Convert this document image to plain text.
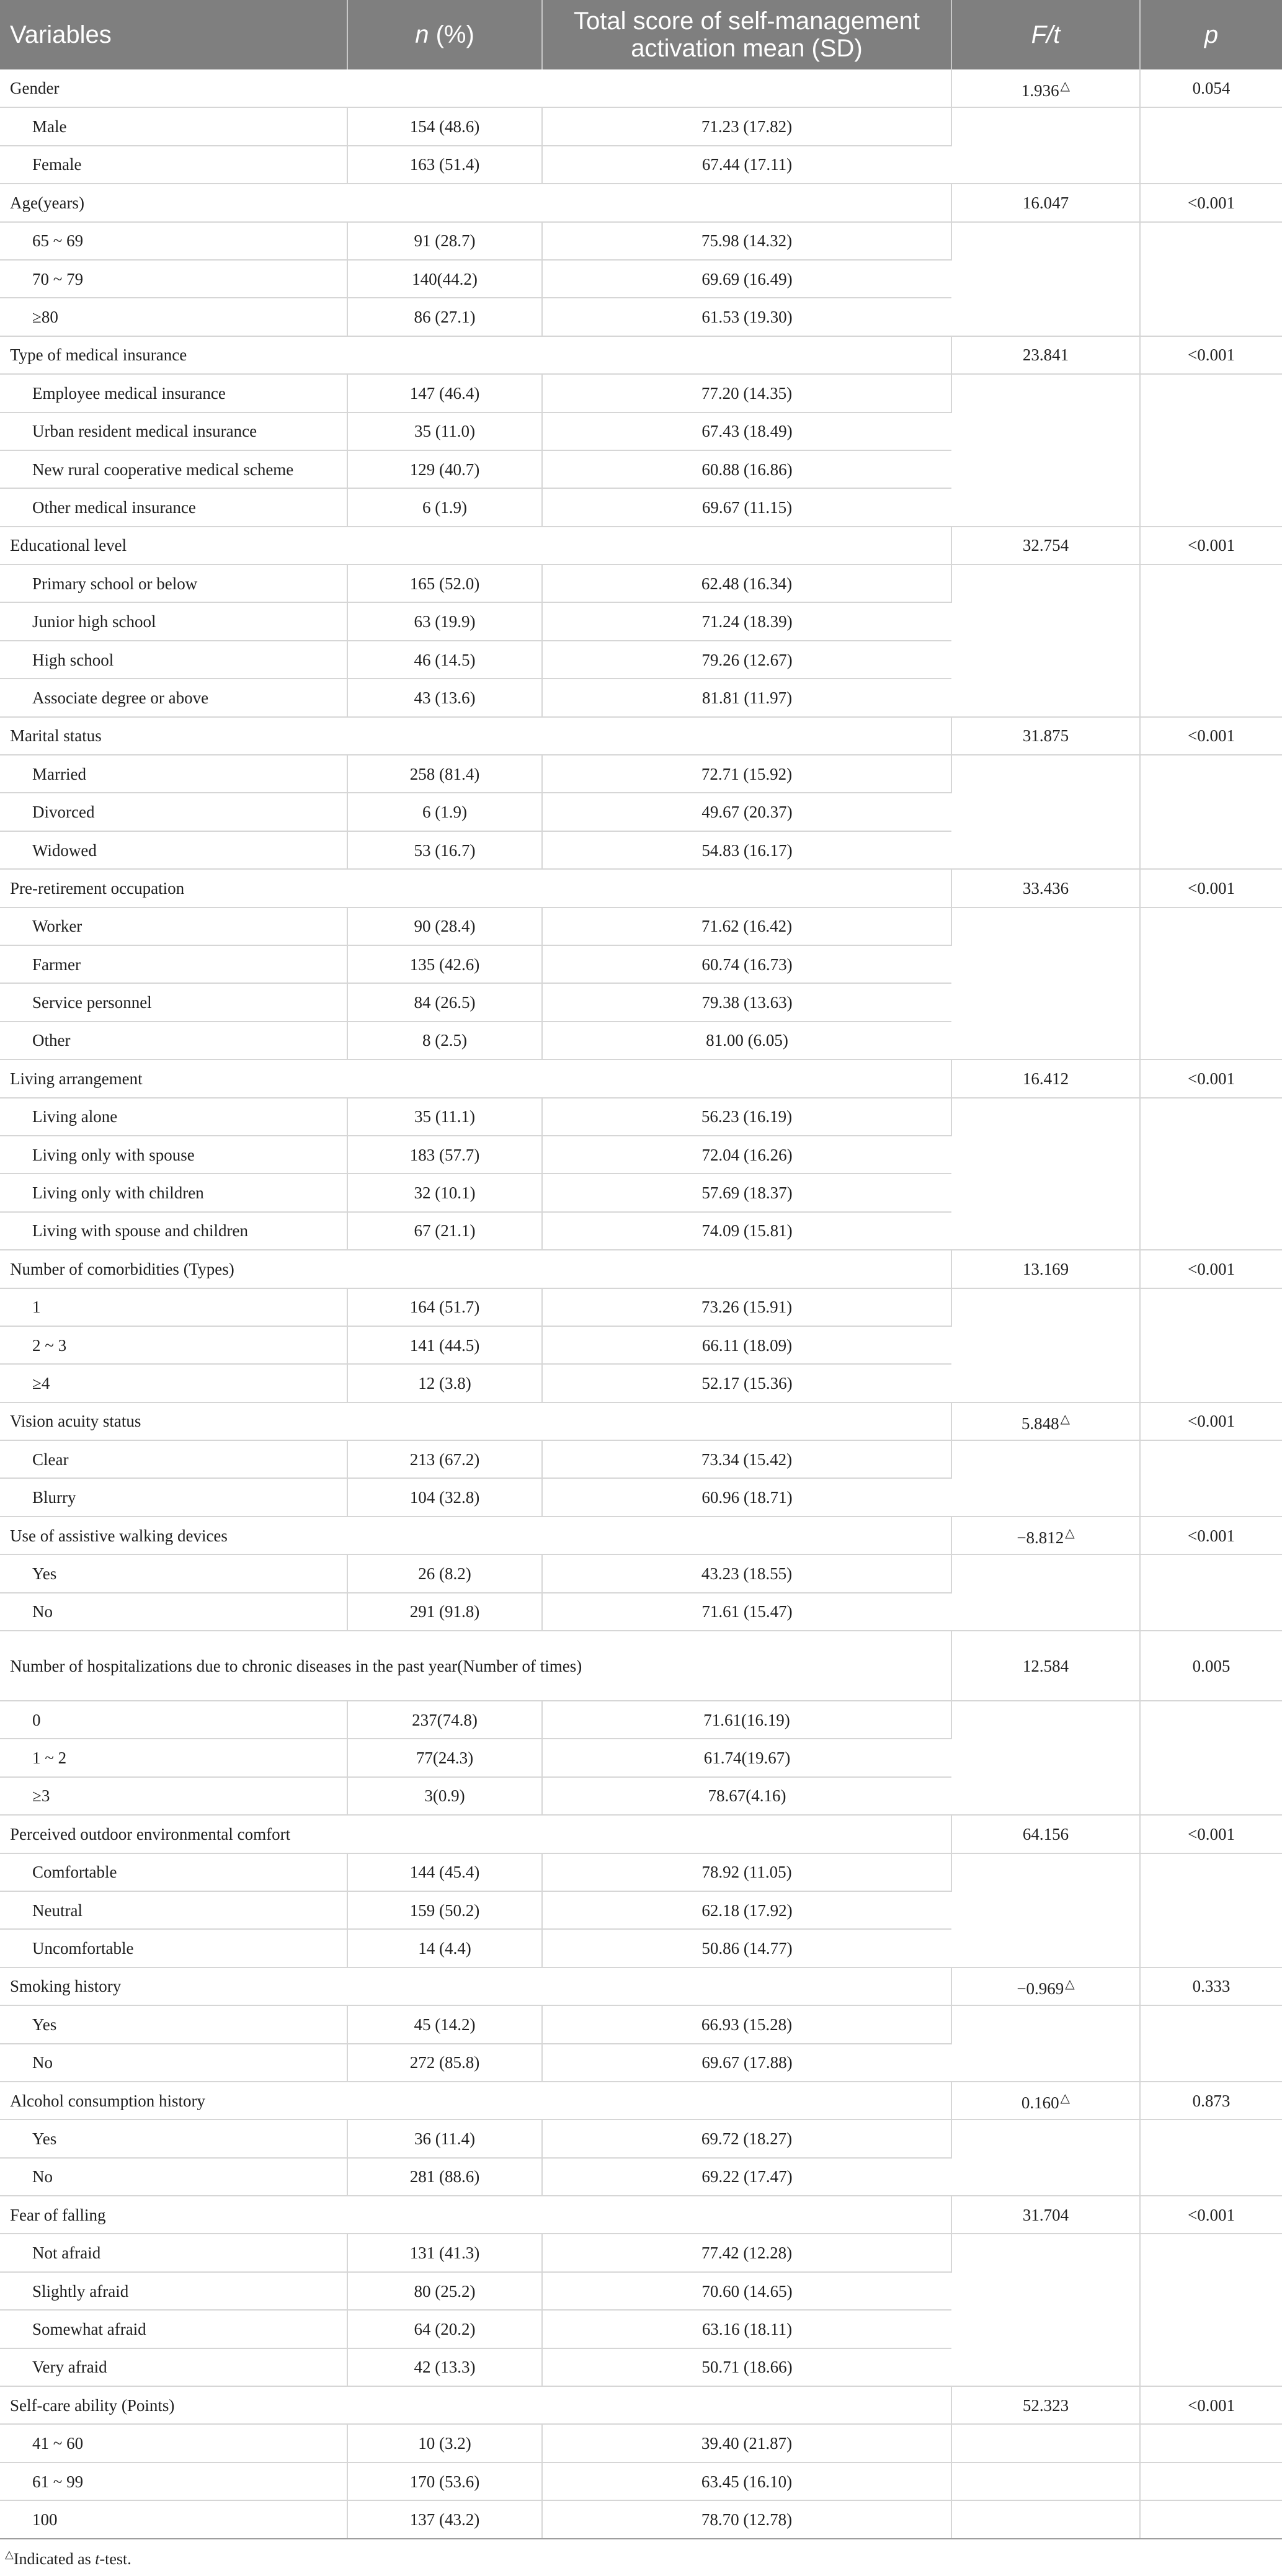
Variables	n (%)	Total score of self-management activation mean (SD)	F/t	p
Gender			1.936 △	0.054
Male	154 (48.6)	71.23 (17.82)		
Female	163 (51.4)	67.44 (17.11)		
Age(years)			16.047	<0.001
65 ~ 69	91 (28.7)	75.98 (14.32)		
70 ~ 79	140(44.2)	69.69 (16.49)		
≥80	86 (27.1)	61.53 (19.30)		
Type of medical insurance			23.841	<0.001
Employee medical insurance	147 (46.4)	77.20 (14.35)		
Urban resident medical insurance	35 (11.0)	67.43 (18.49)		
New rural cooperative medical scheme	129 (40.7)	60.88 (16.86)		
Other medical insurance	6 (1.9)	69.67 (11.15)		
Educational level			32.754	<0.001
Primary school or below	165 (52.0)	62.48 (16.34)		
Junior high school	63 (19.9)	71.24 (18.39)		
High school	46 (14.5)	79.26 (12.67)		
Associate degree or above	43 (13.6)	81.81 (11.97)		
Marital status			31.875	<0.001
Married	258 (81.4)	72.71 (15.92)		
Divorced	6 (1.9)	49.67 (20.37)		
Widowed	53 (16.7)	54.83 (16.17)		
Pre-retirement occupation			33.436	<0.001
Worker	90 (28.4)	71.62 (16.42)		
Farmer	135 (42.6)	60.74 (16.73)		
Service personnel	84 (26.5)	79.38 (13.63)		
Other	8 (2.5)	81.00 (6.05)		
Living arrangement			16.412	<0.001
Living alone	35 (11.1)	56.23 (16.19)		
Living only with spouse	183 (57.7)	72.04 (16.26)		
Living only with children	32 (10.1)	57.69 (18.37)		
Living with spouse and children	67 (21.1)	74.09 (15.81)		
Number of comorbidities (Types)			13.169	<0.001
1	164 (51.7)	73.26 (15.91)		
2 ~ 3	141 (44.5)	66.11 (18.09)		
≥4	12 (3.8)	52.17 (15.36)		
Vision acuity status			5.848 △	<0.001
Clear	213 (67.2)	73.34 (15.42)		
Blurry	104 (32.8)	60.96 (18.71)		
Use of assistive walking devices			−8.812 △	<0.001
Yes	26 (8.2)	43.23 (18.55)		
No	291 (91.8)	71.61 (15.47)		
Number of hospitalizations due to chronic diseases in the past year(Number of times)			12.584	0.005
0	237(74.8)	71.61(16.19)		
1 ~ 2	77(24.3)	61.74(19.67)		
≥3	3(0.9)	78.67(4.16)		
Perceived outdoor environmental comfort			64.156	<0.001
Comfortable	144 (45.4)	78.92 (11.05)		
Neutral	159 (50.2)	62.18 (17.92)		
Uncomfortable	14 (4.4)	50.86 (14.77)		
Smoking history			−0.969 △	0.333
Yes	45 (14.2)	66.93 (15.28)		
No	272 (85.8)	69.67 (17.88)		
Alcohol consumption history			0.160 △	0.873
Yes	36 (11.4)	69.72 (18.27)		
No	281 (88.6)	69.22 (17.47)		
Fear of falling			31.704	<0.001
Not afraid	131 (41.3)	77.42 (12.28)		
Slightly afraid	80 (25.2)	70.60 (14.65)		
Somewhat afraid	64 (20.2)	63.16 (18.11)		
Very afraid	42 (13.3)	50.71 (18.66)		
Self-care ability (Points)			52.323	<0.001
41 ~ 60	10 (3.2)	39.40 (21.87)		
61 ~ 99	170 (53.6)	63.45 (16.10)		
100	137 (43.2)	78.70 (12.78)		
△Indicated as t-test.
